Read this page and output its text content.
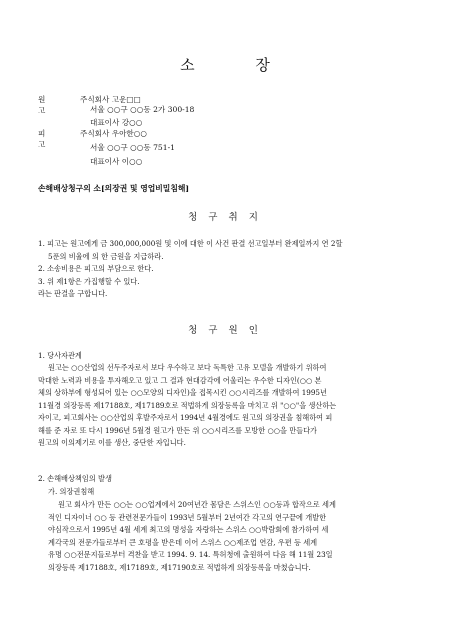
소 장
원고
주식회사 고운□□
서울 ○○구 ○○동 2가 300-18
대표이사 강○○
피고
주식회사 우아한○○
서울 ○○구 ○○동 751-1
대표이사 이○○
손해배상청구의 소[의장권 및 영업비밀침해]
청 구 취 지
1. 피고는 원고에게 금 300,000,000원 및 이에 대한 이 사건 판결 선고일부터 완제일까지 연 2할
5푼의 비율에 의 한 금원을 지급하라.
2. 소송비용은 피고의 부담으로 한다.
3. 위 제1항은 가집행할 수 있다.
라는 판결을 구합니다.
청 구 원 인
1. 당사자관계
원고는 ○○산업의 선두주자로서 보다 우수하고 보다 독특한 고유 모델을 개발하기 위하여
막대한 노력과 비용을 투자해오고 있고 그 결과 현대감각에 어울리는 우수한 디자인(○○ 본
체의 상하부에 형성되어 있는 ○○모양의 디자인)을 접목시킨 ○○시리즈를 개발하여 1995년
11월경 의장등록 제17188호, 제17189호로 적법하게 의장등록을 마치고 위 "○○"을 생산하는
자이고, 피고회사는 ○○산업의 후발주자로서 1994년 4월경에도 원고의 의장권을 침해하여 피
해를 준 자로 또 다시 1996년 5월경 원고가 만든 위 ○○시리즈를 모방한 ○○을 만들다가
원고의 이의제기로 이를 생산, 중단한 자입니다.
2. 손해배상책임의 발생
가. 의장권침해
원고 회사가 만든 ○○는 ○○업계에서 20여년간 몸담은 스위스인 ○○등과 합작으로 세계
적인 디자이너 ○○ 등 관련전문가들이 1993년 5월부터 2년여간 각고의 연구끝에 개발한
야심작으로서 1995년 4월 세계 최고의 명성을 자랑하는 스위스 ○○박람회에 참가하여 세
계각국의 전문가들로부터 큰 호평을 받은데 이어 스위스 ○○제조업 연감, 우편 등 세계
유명 ○○전문지들로부터 격찬을 받고 1994. 9. 14. 특허청에 출원하여 다음 해 11월 23일
의장등록 제17188호, 제17189호, 제17190호로 적법하게 의장등록을 마쳤습니다.
